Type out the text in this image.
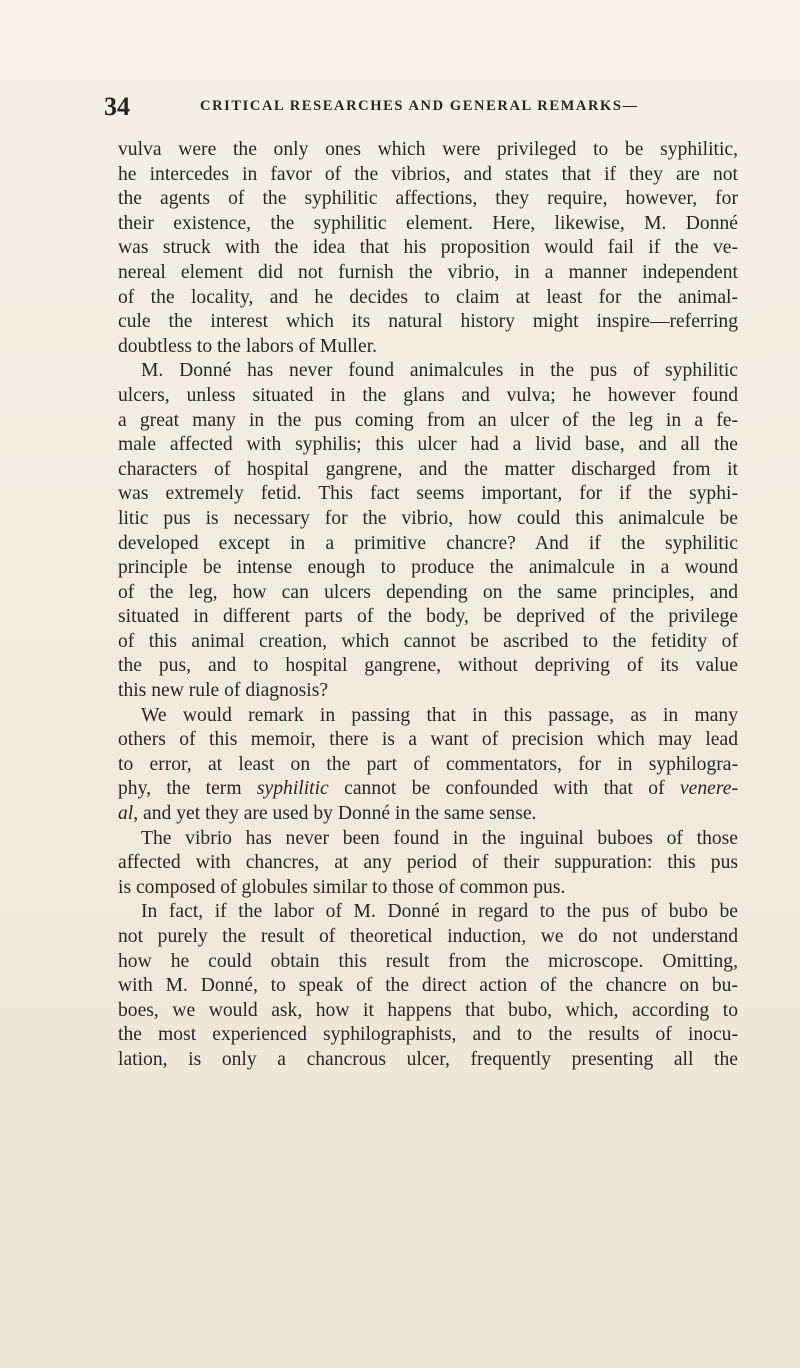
34	CRITICAL RESEARCHES AND GENERAL REMARKS—
vulva were the only ones which were privileged to be syphilitic,
he intercedes in favor of the vibrios, and states that if they are not
the agents of the syphilitic affections, they require, however, for
their existence, the syphilitic element. Here, likewise, M. Donné
was struck with the idea that his proposition would fail if the ve-
nereal element did not furnish the vibrio, in a manner independent
of the locality, and he decides to claim at least for the animal-
cule the interest which its natural history might inspire—referring
doubtless to the labors of Muller.
M. Donné has never found animalcules in the pus of syphilitic
ulcers, unless situated in the glans and vulva; he however found
a great many in the pus coming from an ulcer of the leg in a fe-
male affected with syphilis; this ulcer had a livid base, and all the
characters of hospital gangrene, and the matter discharged from it
was extremely fetid. This fact seems important, for if the syphi-
litic pus is necessary for the vibrio, how could this animalcule be
developed except in a primitive chancre? And if the syphilitic
principle be intense enough to produce the animalcule in a wound
of the leg, how can ulcers depending on the same principles, and
situated in different parts of the body, be deprived of the privilege
of this animal creation, which cannot be ascribed to the fetidity of
the pus, and to hospital gangrene, without depriving of its value
this new rule of diagnosis?
We would remark in passing that in this passage, as in many
others of this memoir, there is a want of precision which may lead
to error, at least on the part of commentators, for in syphilogra-
phy, the term syphilitic cannot be confounded with that of venere-
al, and yet they are used by Donné in the same sense.
The vibrio has never been found in the inguinal buboes of those
affected with chancres, at any period of their suppuration: this pus
is composed of globules similar to those of common pus.
In fact, if the labor of M. Donné in regard to the pus of bubo be
not purely the result of theoretical induction, we do not understand
how he could obtain this result from the microscope. Omitting,
with M. Donné, to speak of the direct action of the chancre on bu-
boes, we would ask, how it happens that bubo, which, according to
the most experienced syphilographists, and to the results of inocu-
lation, is only a chancrous ulcer, frequently presenting all the
